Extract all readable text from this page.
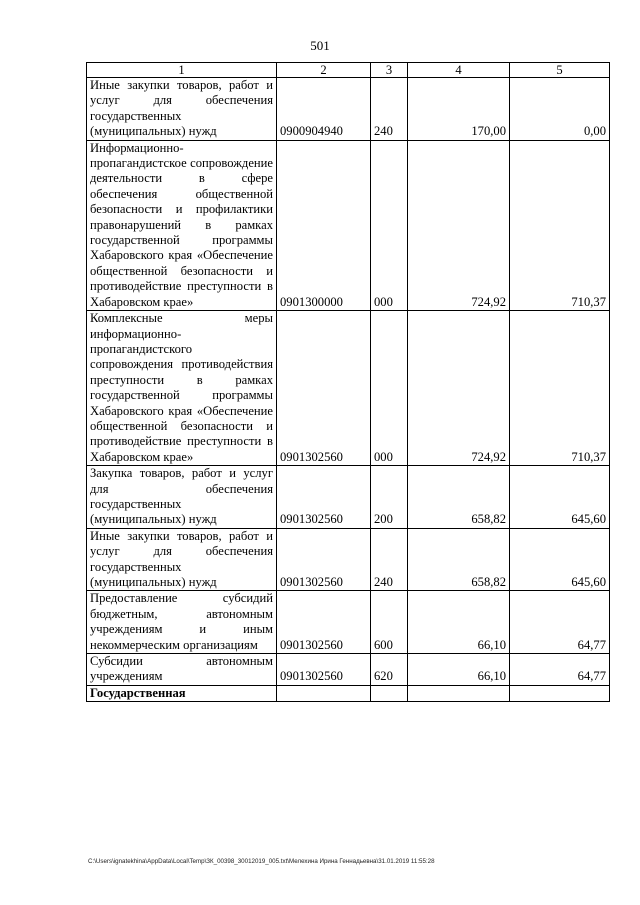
501
1	2	3	4	5
Иные закупки товаров, работ и услуг для обеспечения государственных (муниципальных) нужд	0900904940	240	170,00	0,00
Информационно-пропагандистское сопровождение деятельности в сфере обеспечения общественной безопасности и профилактики правонарушений в рамках государственной программы Хабаровского края «Обеспечение общественной безопасности и противодействие преступности в Хабаровском крае»	0901300000	000	724,92	710,37
Комплексные меры информационно-пропагандистского сопровождения противодействия преступности в рамках государственной программы Хабаровского края «Обеспечение общественной безопасности и противодействие преступности в Хабаровском крае»	0901302560	000	724,92	710,37
Закупка товаров, работ и услуг для обеспечения государственных (муниципальных) нужд	0901302560	200	658,82	645,60
Иные закупки товаров, работ и услуг для обеспечения государственных (муниципальных) нужд	0901302560	240	658,82	645,60
Предоставление субсидий бюджетным, автономным учреждениям и иным некоммерческим организациям	0901302560	600	66,10	64,77
Субсидии автономным учреждениям	0901302560	620	66,10	64,77
Государственная				
C:\Users\ignatekhina\AppData\Local\Temp\ЗК_00398_30012019_005.txt\Мелехина Ирина Геннадьевна\31.01.2019 11:55:28
